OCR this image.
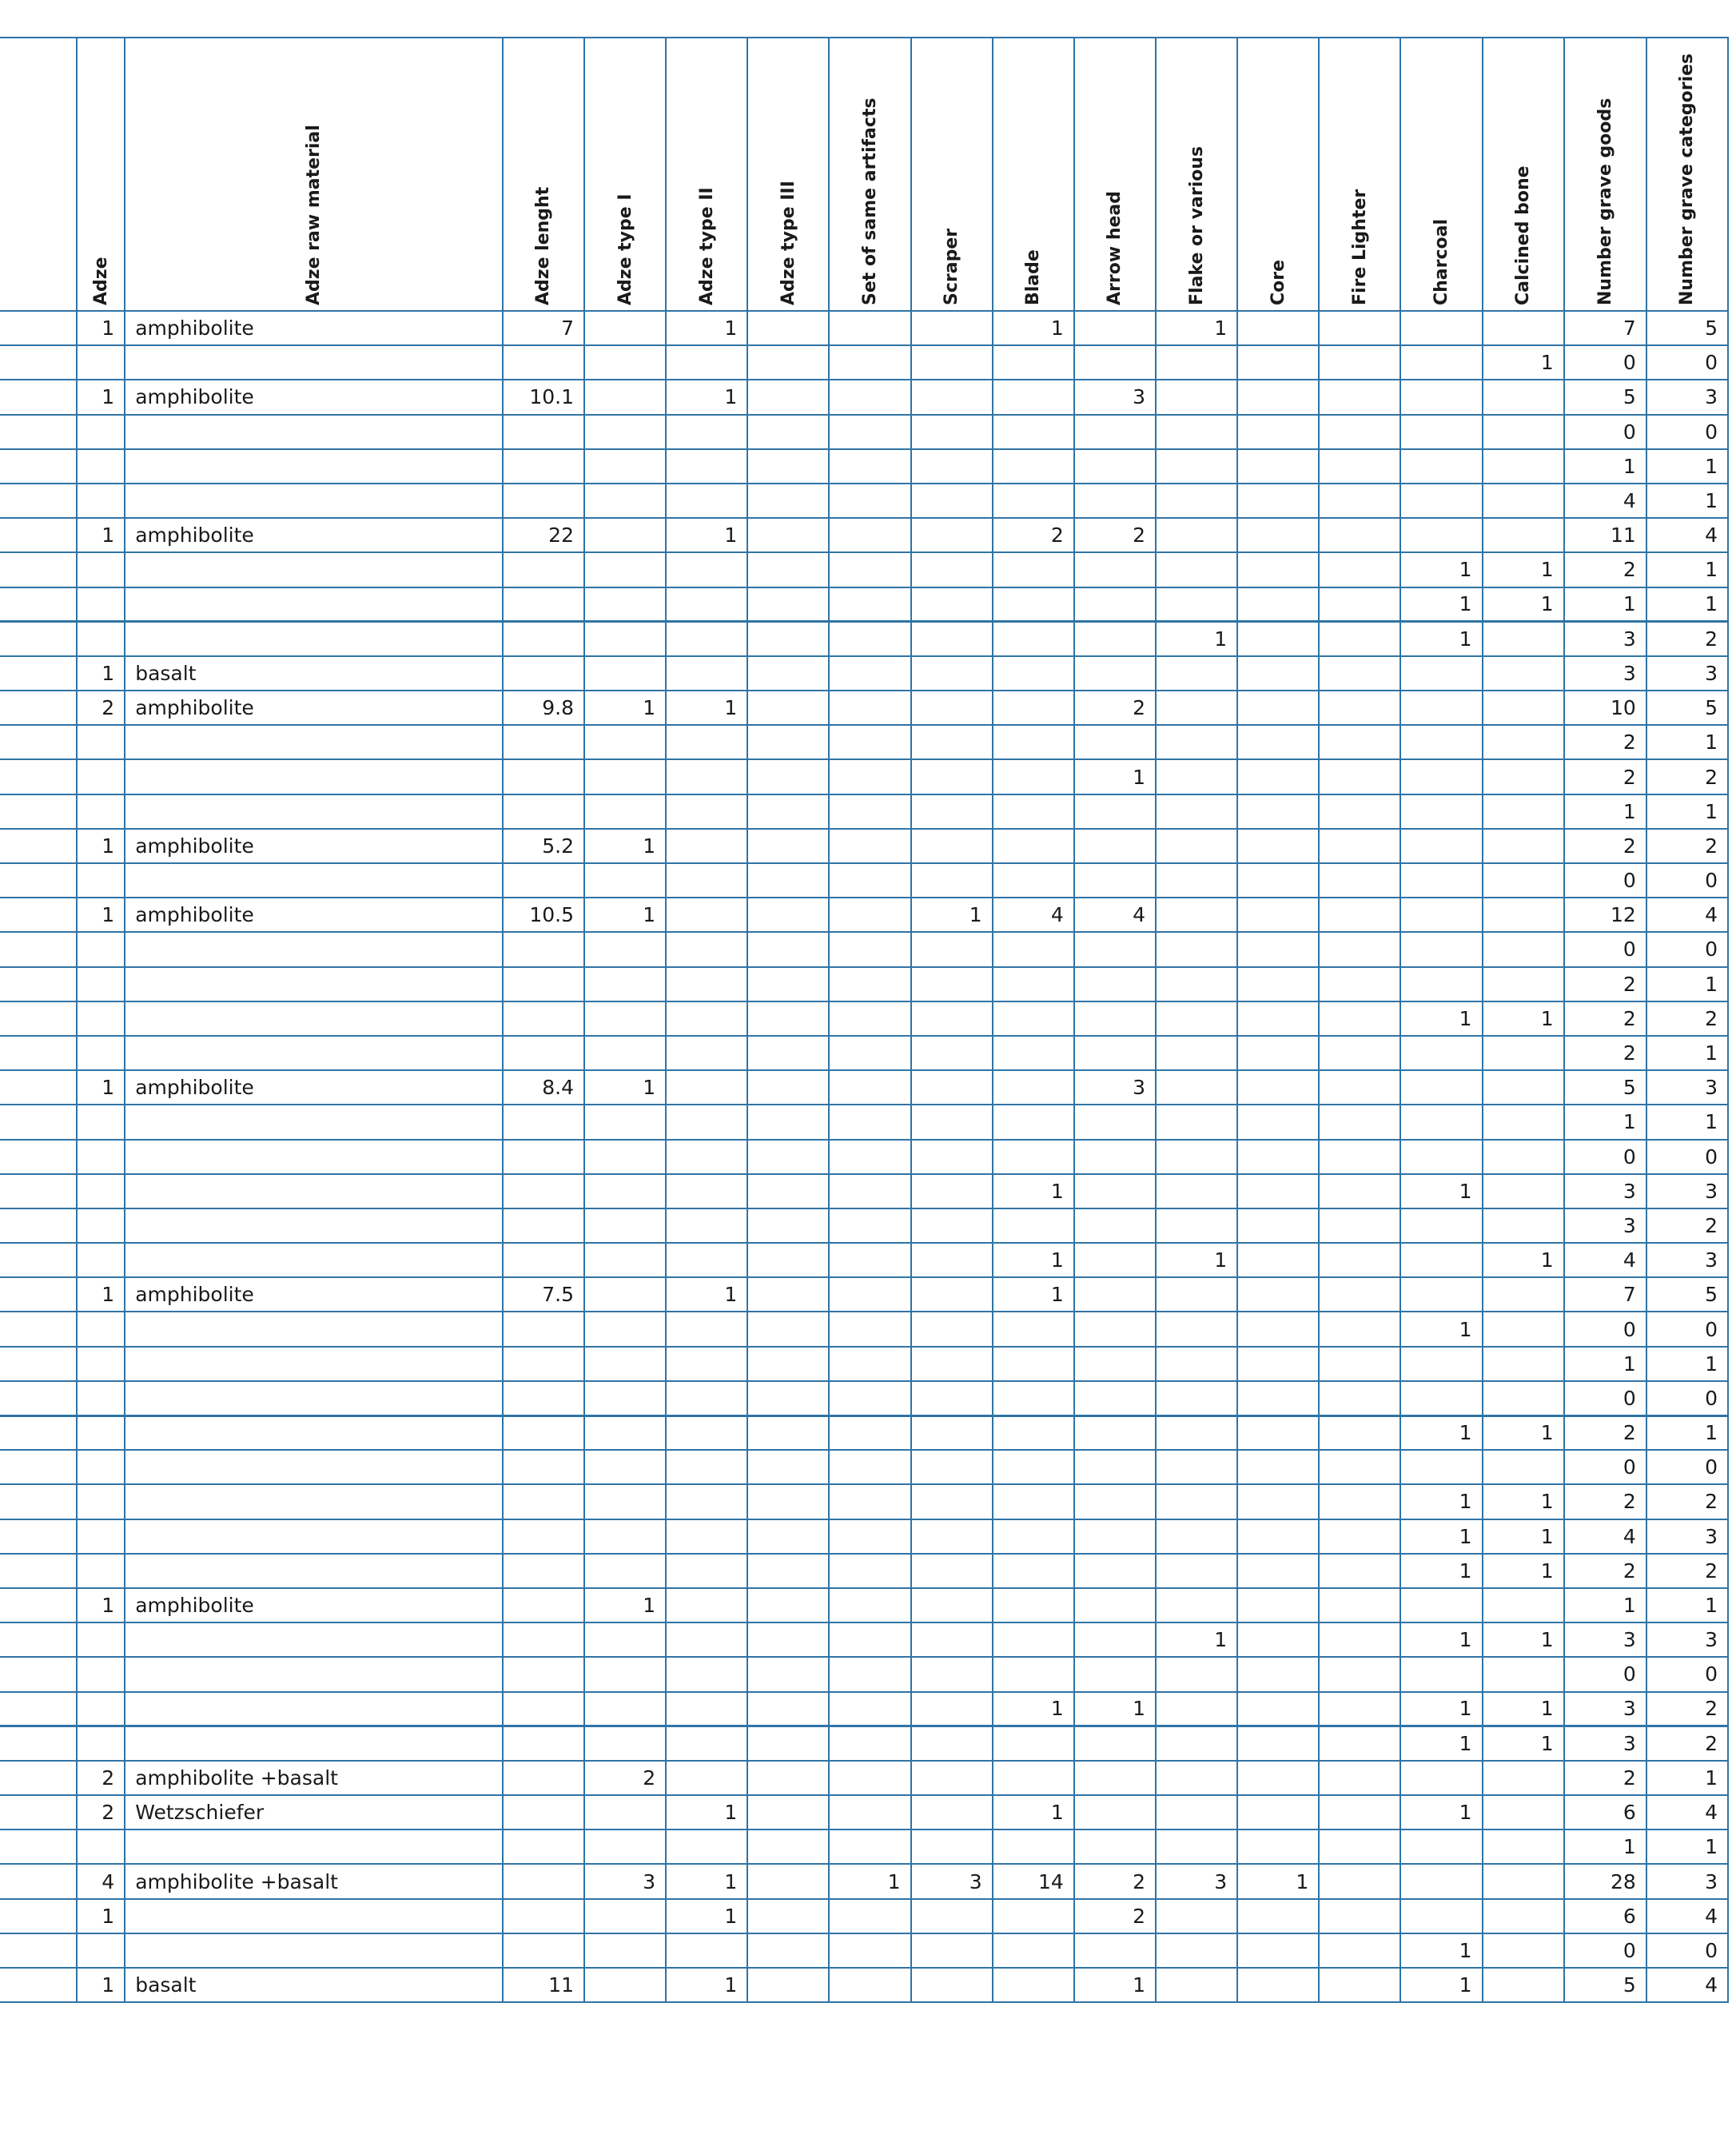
Adze	Adze raw material	Adze lenght	Adze type I	Adze type II	Adze type III	Set of same artifacts	Scraper	Blade	Arrow head	Flake or various	Core	Fire Lighter	Charcoal	Calcined bone	Number grave goods	Number grave categories

	1	amphibolite	7		1				1		1					7	5
															1	0	0
	1	amphibolite	10.1		1					3						5	3
																0	0
																1	1
																4	1
	1	amphibolite	22		1				2	2						11	4
														1	1	2	1
														1	1	1	1
											1			1		3	2
	1	basalt														3	3
	2	amphibolite	9.8	1	1					2						10	5
																2	1
										1						2	2
																1	1
	1	amphibolite	5.2	1												2	2
																0	0
	1	amphibolite	10.5	1				1	4	4						12	4
																0	0
																2	1
														1	1	2	2
																2	1
	1	amphibolite	8.4	1						3						5	3
																1	1
																0	0
									1					1		3	3
																3	2
									1		1				1	4	3
	1	amphibolite	7.5		1				1							7	5
														1		0	0
																1	1
																0	0
														1	1	2	1
																0	0
														1	1	2	2
														1	1	4	3
														1	1	2	2
	1	amphibolite		1												1	1
											1			1	1	3	3
																0	0
									1	1				1	1	3	2
														1	1	3	2
	2	amphibolite +basalt		2												2	1
	2	Wetzschiefer			1				1					1		6	4
																1	1
	4	amphibolite +basalt		3	1		1	3	14	2	3	1				28	3
	1				1					2						6	4
														1		0	0
	1	basalt	11		1					1				1		5	4
